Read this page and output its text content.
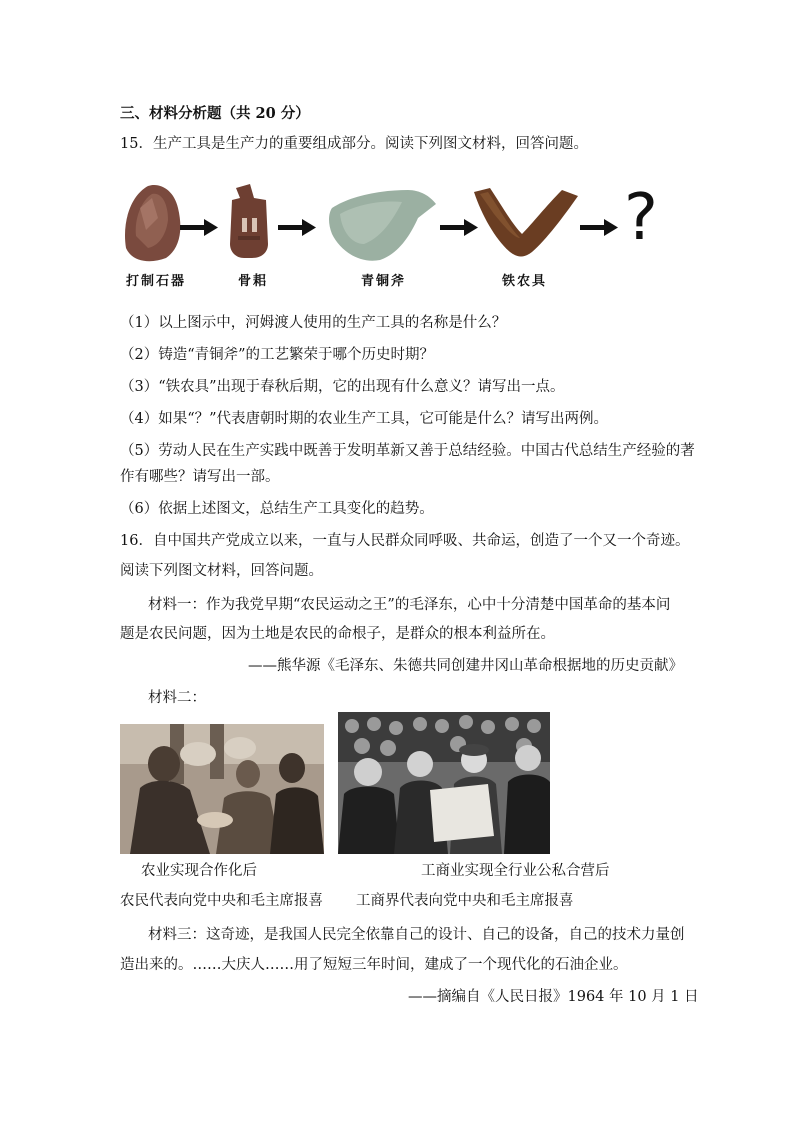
三、材料分析题（共 20 分）
15．生产工具是生产力的重要组成部分。阅读下列图文材料，回答问题。
?
打制石器	骨耜	青铜斧	铁农具
（1）以上图示中，河姆渡人使用的生产工具的名称是什么？
（2）铸造“青铜斧”的工艺繁荣于哪个历史时期？
（3）“铁农具”出现于春秋后期，它的出现有什么意义？请写出一点。
（4）如果“？”代表唐朝时期的农业生产工具，它可能是什么？请写出两例。
（5）劳动人民在生产实践中既善于发明革新又善于总结经验。中国古代总结生产经验的著
作有哪些？请写出一部。
（6）依据上述图文，总结生产工具变化的趋势。
16．自中国共产党成立以来，一直与人民群众同呼吸、共命运，创造了一个又一个奇迹。
阅读下列图文材料，回答问题。
材料一：作为我党早期“农民运动之王”的毛泽东，心中十分清楚中国革命的基本问
题是农民问题，因为土地是农民的命根子，是群众的根本利益所在。
——熊华源《毛泽东、朱德共同创建井冈山革命根据地的历史贡献》
材料二：
农业实现合作化后	工商业实现全行业公私合营后
农民代表向党中央和毛主席报喜 工商界代表向党中央和毛主席报喜
材料三：这奇迹，是我国人民完全依靠自己的设计、自己的设备，自己的技术力量创
造出来的。……大庆人……用了短短三年时间，建成了一个现代化的石油企业。
——摘编自《人民日报》1964 年 10 月 1 日
